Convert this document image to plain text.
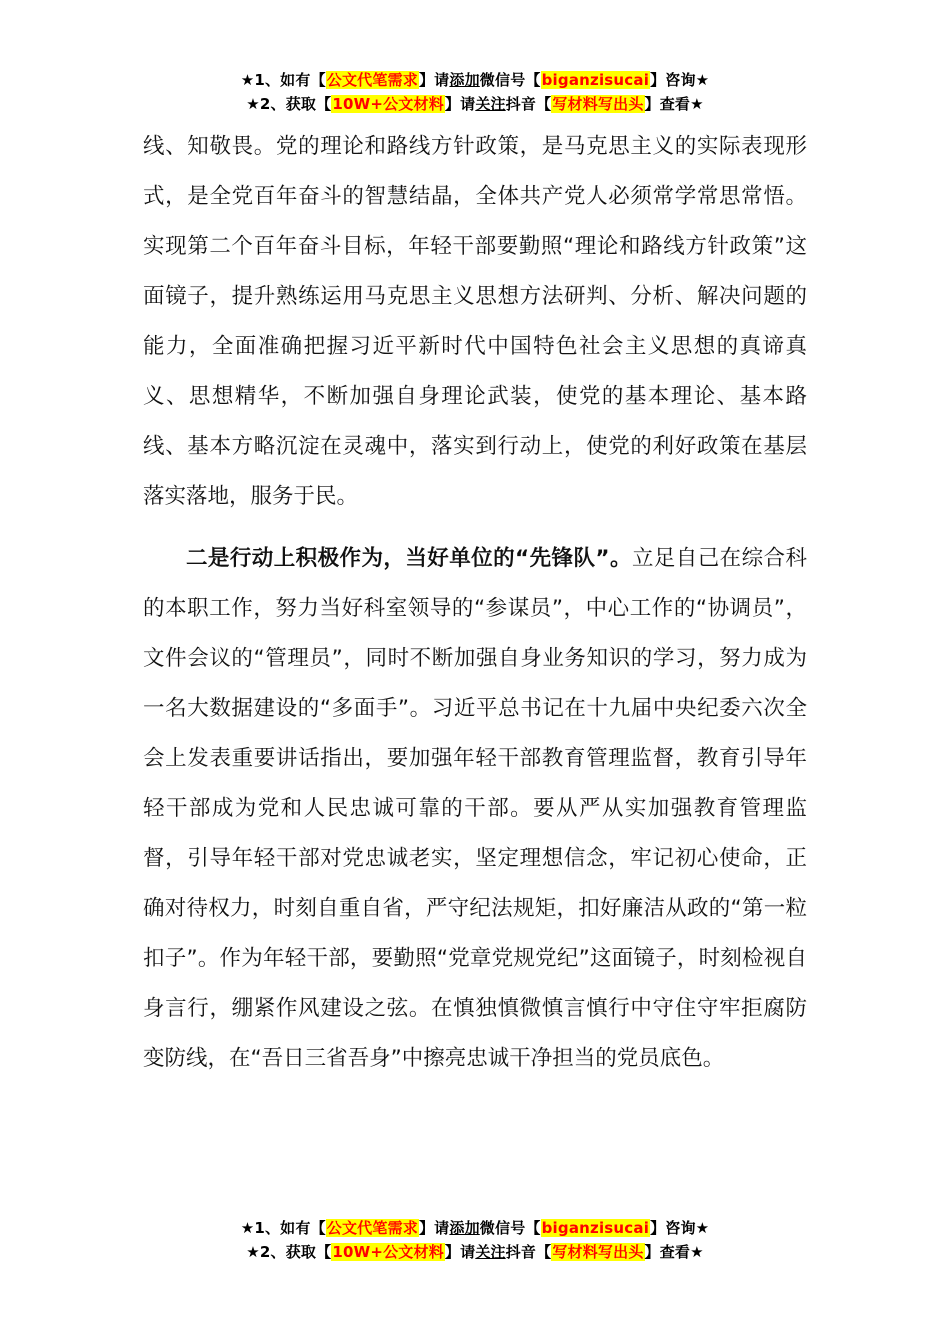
★1、如有【公文代笔需求】请添加微信号【biganzisucai】咨询★
★2、获取【10W+公文材料】请关注抖音【写材料写出头】查看★

线、知敬畏。党的理论和路线方针政策，是马克思主义的实际表现形式，是全党百年奋斗的智慧结晶，全体共产党人必须常学常思常悟。实现第二个百年奋斗目标，年轻干部要勤照“理论和路线方针政策”这面镜子，提升熟练运用马克思主义思想方法研判、分析、解决问题的能力，全面准确把握习近平新时代中国特色社会主义思想的真谛真义、思想精华，不断加强自身理论武装，使党的基本理论、基本路线、基本方略沉淀在灵魂中，落实到行动上，使党的利好政策在基层落实落地，服务于民。

二是行动上积极作为，当好单位的“先锋队”。立足自己在综合科的本职工作，努力当好科室领导的“参谋员”，中心工作的“协调员”，文件会议的“管理员”，同时不断加强自身业务知识的学习，努力成为一名大数据建设的“多面手”。习近平总书记在十九届中央纪委六次全会上发表重要讲话指出，要加强年轻干部教育管理监督，教育引导年轻干部成为党和人民忠诚可靠的干部。要从严从实加强教育管理监督，引导年轻干部对党忠诚老实，坚定理想信念，牢记初心使命，正确对待权力，时刻自重自省，严守纪法规矩，扣好廉洁从政的“第一粒扣子”。作为年轻干部，要勤照“党章党规党纪”这面镜子，时刻检视自身言行，绷紧作风建设之弦。在慎独慎微慎言慎行中守住守牢拒腐防变防线，在“吾日三省吾身”中擦亮忠诚干净担当的党员底色。

★1、如有【公文代笔需求】请添加微信号【biganzisucai】咨询★
★2、获取【10W+公文材料】请关注抖音【写材料写出头】查看★
